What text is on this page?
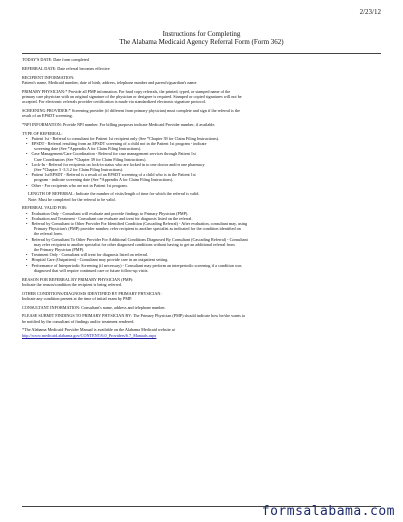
2/23/12
Instructions for Completing
The Alabama Medicaid Agency Referral Form (Form 362)

TODAY'S DATE: Date form completed

REFERRAL DATE: Date referral becomes effective

RECIPIENT INFORMATION:

Patient's name, Medicaid number, date of birth, address, telephone number and parent's/guardian's name

PRIMARY PHYSICIAN:* Provide all PMP information. For hard copy referrals, the printed, typed, or stamped name of the

primary care physician with an original signature of the physician or designee is required. Stamped or copied signatures will not be

accepted. For electronic referrals provider certification is made via standardized electronic signature protocol.

SCREENING PROVIDER:* Screening provider (if different from primary physician) must complete and sign if the referral is the

result of an EPSDT screening.

*NPI INFORMATION: Provide NPI number. For billing purposes indicate Medicaid Provider number, if available.

TYPE OF REFERRAL:

• Patient 1st - Referral to consultant for Patient 1st recipient only (See *Chapter 39 for Claim Filing Instructions).

• EPSDT - Referral resulting from an EPSDT screening of a child not in the Patient 1st program - indicate

screening date (See *Appendix A for Claim Filing Instructions).

• Case Management/Care Coordination - Referral for case management services through Patient 1st

Care Coordinators (See *Chapter 39 for Claim Filing Instructions).

• Lock-In - Referral for recipients on lock-in status who are locked in to one doctor and/or one pharmacy

(See *Chapter 3 -3.3.2 for Claim Filing Instructions).

• Patient 1st/EPSDT - Referral is a result of an EPSDT screening of a child who is in the Patient 1st

program - indicate screening date (See *Appendix A for Claim Filing Instructions).

• Other - For recipients who are not in Patient 1st program.

LENGTH OF REFERRAL: Indicate the number of visits/length of time for which the referral is valid.

Note: Must be completed for the referral to be valid.

REFERRAL VALID FOR:

• Evaluation Only - Consultant will evaluate and provide findings to Primary Physician (PMP).

• Evaluation and Treatment - Consultant can evaluate and treat for diagnosis listed on the referral.

• Referral by Consultant to Other Provider For Identified Condition (Cascading Referral) - After evaluation, consultant may, using

Primary Physician's (PMP) provider number, refer recipient to another specialist as indicated for the condition identified on

the referral form.

• Referral by Consultant To Other Provider For Additional Conditions Diagnosed By Consultant (Cascading Referral) - Consultant

may refer recipient to another specialist for other diagnosed conditions without having to get an additional referral from

the Primary Physician (PMP).

• Treatment Only - Consultant will treat for diagnosis listed on referral.

• Hospital Care (Outpatient) - Consultant may provide care in an outpatient setting.

• Performance of Interperiodic Screening (if necessary) - Consultant may perform an interperiodic screening if a condition was

diagnosed that will require continued care or future follow-up visits.

REASON FOR REFERRAL BY PRIMARY PHYSICIAN (PMP):

Indicate the reason/condition the recipient is being referred.

OTHER CONDITIONS/DIAGNOSIS IDENTIFIED BY PRIMARY PHYSICIAN:

Indicate any condition present at the time of initial exam by PMP.

CONSULTANT INFORMATION: Consultant's name, address and telephone number.

PLEASE SUBMIT FINDINGS TO PRIMARY PHYSICIAN BY: The Primary Physician (PMP) should indicate how he/she wants to

be notified by the consultant of findings and/or treatment rendered.

*The Alabama Medicaid Provider Manual is available on the Alabama Medicaid website at

http://www.medicaid.alabama.gov/CONTENT/6.0_Providers/6.7_Manuals.aspx

formsalabama.com
